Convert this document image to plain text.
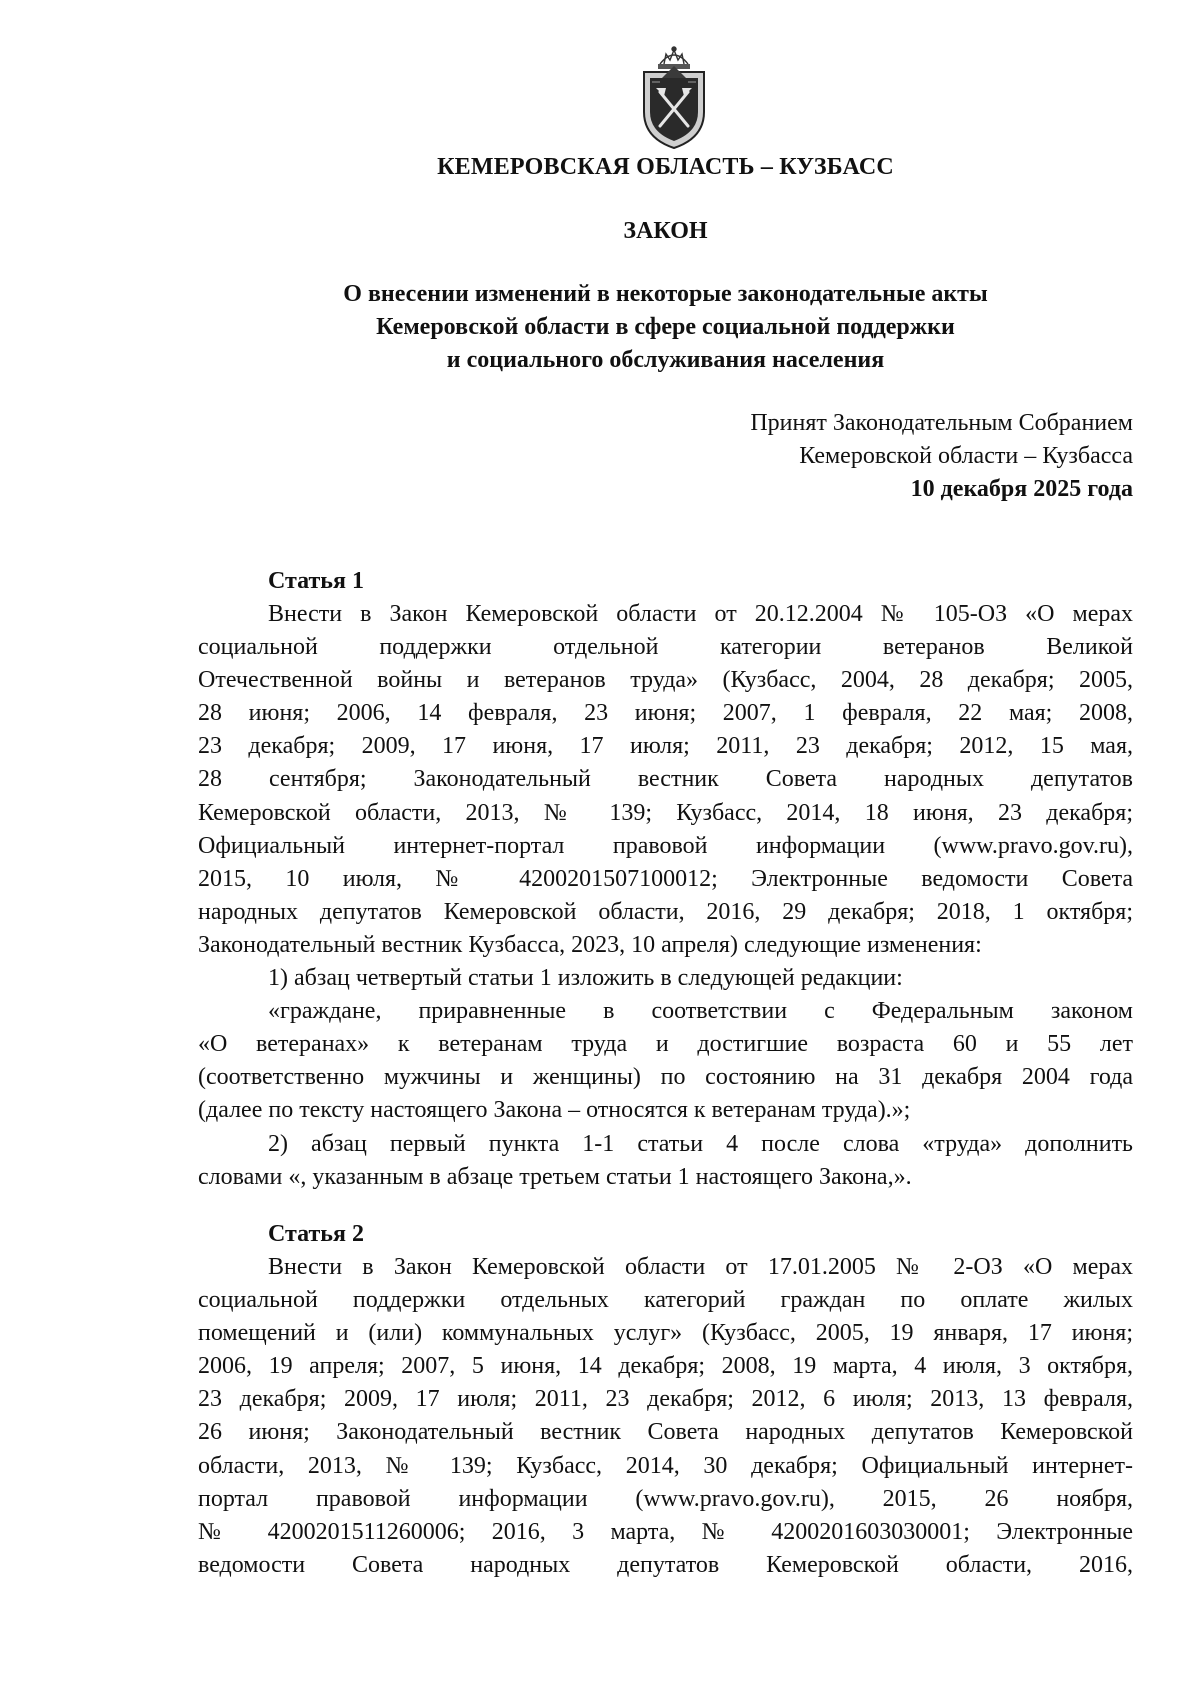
КЕМЕРОВСКАЯ ОБЛАСТЬ – КУЗБАСС
ЗАКОН
О внесении изменений в некоторые законодательные акты
Кемеровской области в сфере социальной поддержки
и социального обслуживания населения
Принят Законодательным Собранием
Кемеровской области – Кузбасса
10 декабря 2025 года
Статья 1
Внести в Закон Кемеровской области от 20.12.2004 № 105-ОЗ «О мерах
социальной поддержки отдельной категории ветеранов Великой
Отечественной войны и ветеранов труда» (Кузбасс, 2004, 28 декабря; 2005,
28 июня; 2006, 14 февраля, 23 июня; 2007, 1 февраля, 22 мая; 2008,
23 декабря; 2009, 17 июня, 17 июля; 2011, 23 декабря; 2012, 15 мая,
28 сентября; Законодательный вестник Совета народных депутатов
Кемеровской области, 2013, № 139; Кузбасс, 2014, 18 июня, 23 декабря;
Официальный интернет-портал правовой информации (www.pravo.gov.ru),
2015, 10 июля, № 4200201507100012; Электронные ведомости Совета
народных депутатов Кемеровской области, 2016, 29 декабря; 2018, 1 октября;
Законодательный вестник Кузбасса, 2023, 10 апреля) следующие изменения:
1) абзац четвертый статьи 1 изложить в следующей редакции:
«граждане, приравненные в соответствии с Федеральным законом
«О ветеранах» к ветеранам труда и достигшие возраста 60 и 55 лет
(соответственно мужчины и женщины) по состоянию на 31 декабря 2004 года
(далее по тексту настоящего Закона – относятся к ветеранам труда).»;
2) абзац первый пункта 1-1 статьи 4 после слова «труда» дополнить
словами «, указанным в абзаце третьем статьи 1 настоящего Закона,».
Статья 2
Внести в Закон Кемеровской области от 17.01.2005 № 2-ОЗ «О мерах
социальной поддержки отдельных категорий граждан по оплате жилых
помещений и (или) коммунальных услуг» (Кузбасс, 2005, 19 января, 17 июня;
2006, 19 апреля; 2007, 5 июня, 14 декабря; 2008, 19 марта, 4 июля, 3 октября,
23 декабря; 2009, 17 июля; 2011, 23 декабря; 2012, 6 июля; 2013, 13 февраля,
26 июня; Законодательный вестник Совета народных депутатов Кемеровской
области, 2013, № 139; Кузбасс, 2014, 30 декабря; Официальный интернет-
портал правовой информации (www.pravo.gov.ru), 2015, 26 ноября,
№ 4200201511260006; 2016, 3 марта, № 4200201603030001; Электронные
ведомости Совета народных депутатов Кемеровской области, 2016,
